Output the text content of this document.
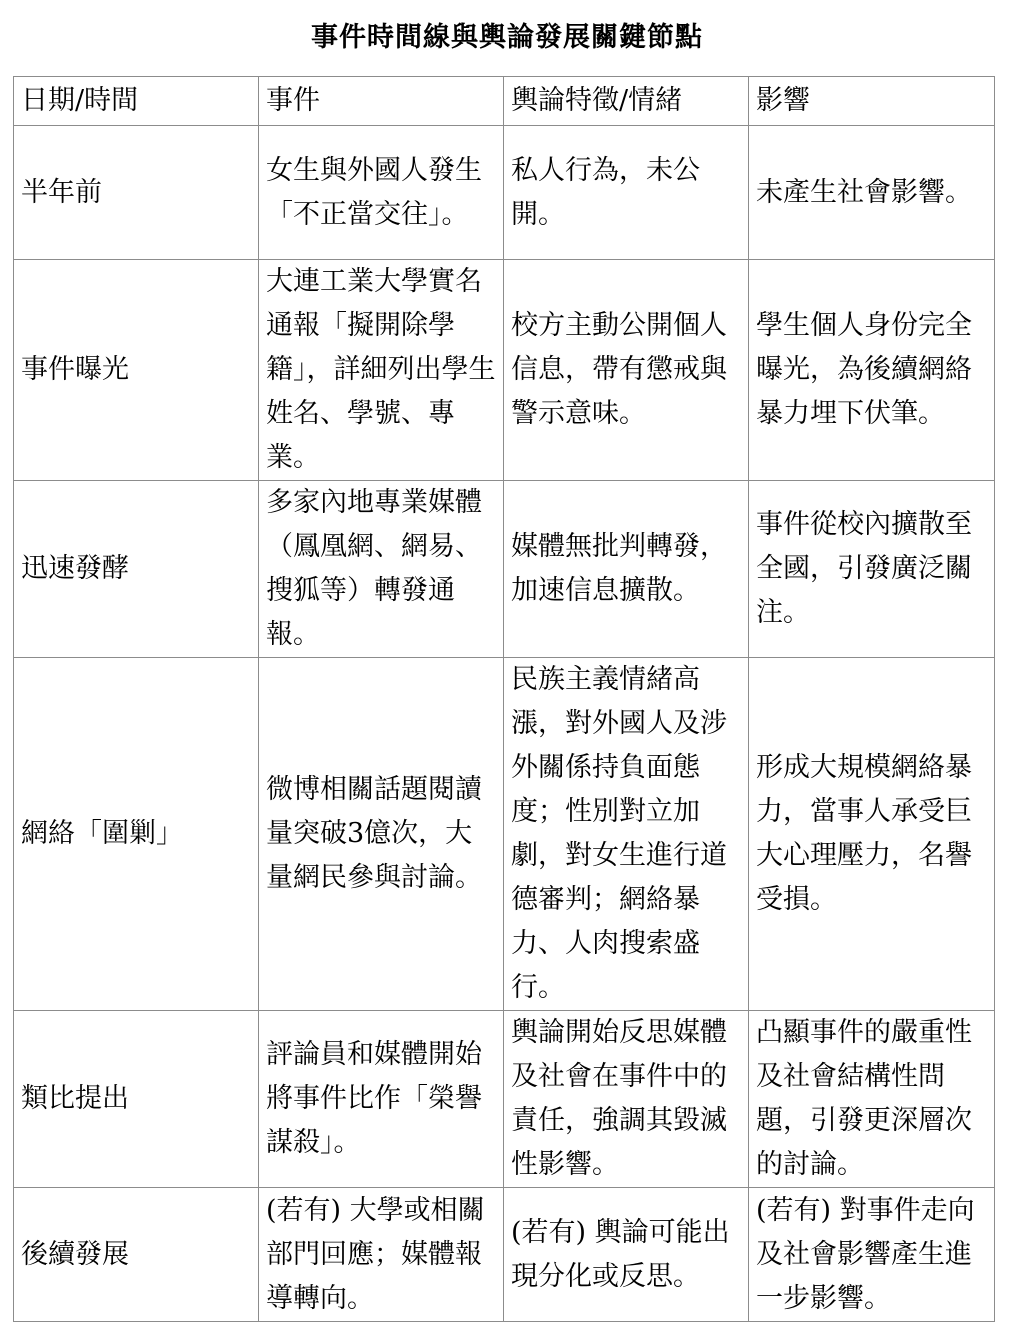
事件時間線與輿論發展關鍵節點
日期/時間	事件	輿論特徵/情緒	影響
半年前	女生與外國人發生「不正當交往」。	私人行為，未公開。	未產生社會影響。
事件曝光	大連工業大學實名通報「擬開除學籍」，詳細列出學生姓名、學號、專業。	校方主動公開個人信息，帶有懲戒與警示意味。	學生個人身份完全曝光，為後續網絡暴力埋下伏筆。
迅速發酵	多家內地專業媒體（鳳凰網、網易、搜狐等）轉發通報。	媒體無批判轉發，加速信息擴散。	事件從校內擴散至全國，引發廣泛關注。
網絡「圍剿」	微博相關話題閱讀量突破3億次，大量網民參與討論。	民族主義情緒高漲，對外國人及涉外關係持負面態度；性別對立加劇，對女生進行道德審判；網絡暴力、人肉搜索盛行。	形成大規模網絡暴力，當事人承受巨大心理壓力，名譽受損。
類比提出	評論員和媒體開始將事件比作「榮譽謀殺」。	輿論開始反思媒體及社會在事件中的責任，強調其毀滅性影響。	凸顯事件的嚴重性及社會結構性問題，引發更深層次的討論。
後續發展	(若有) 大學或相關部門回應；媒體報導轉向。	(若有) 輿論可能出現分化或反思。	(若有) 對事件走向及社會影響產生進一步影響。
